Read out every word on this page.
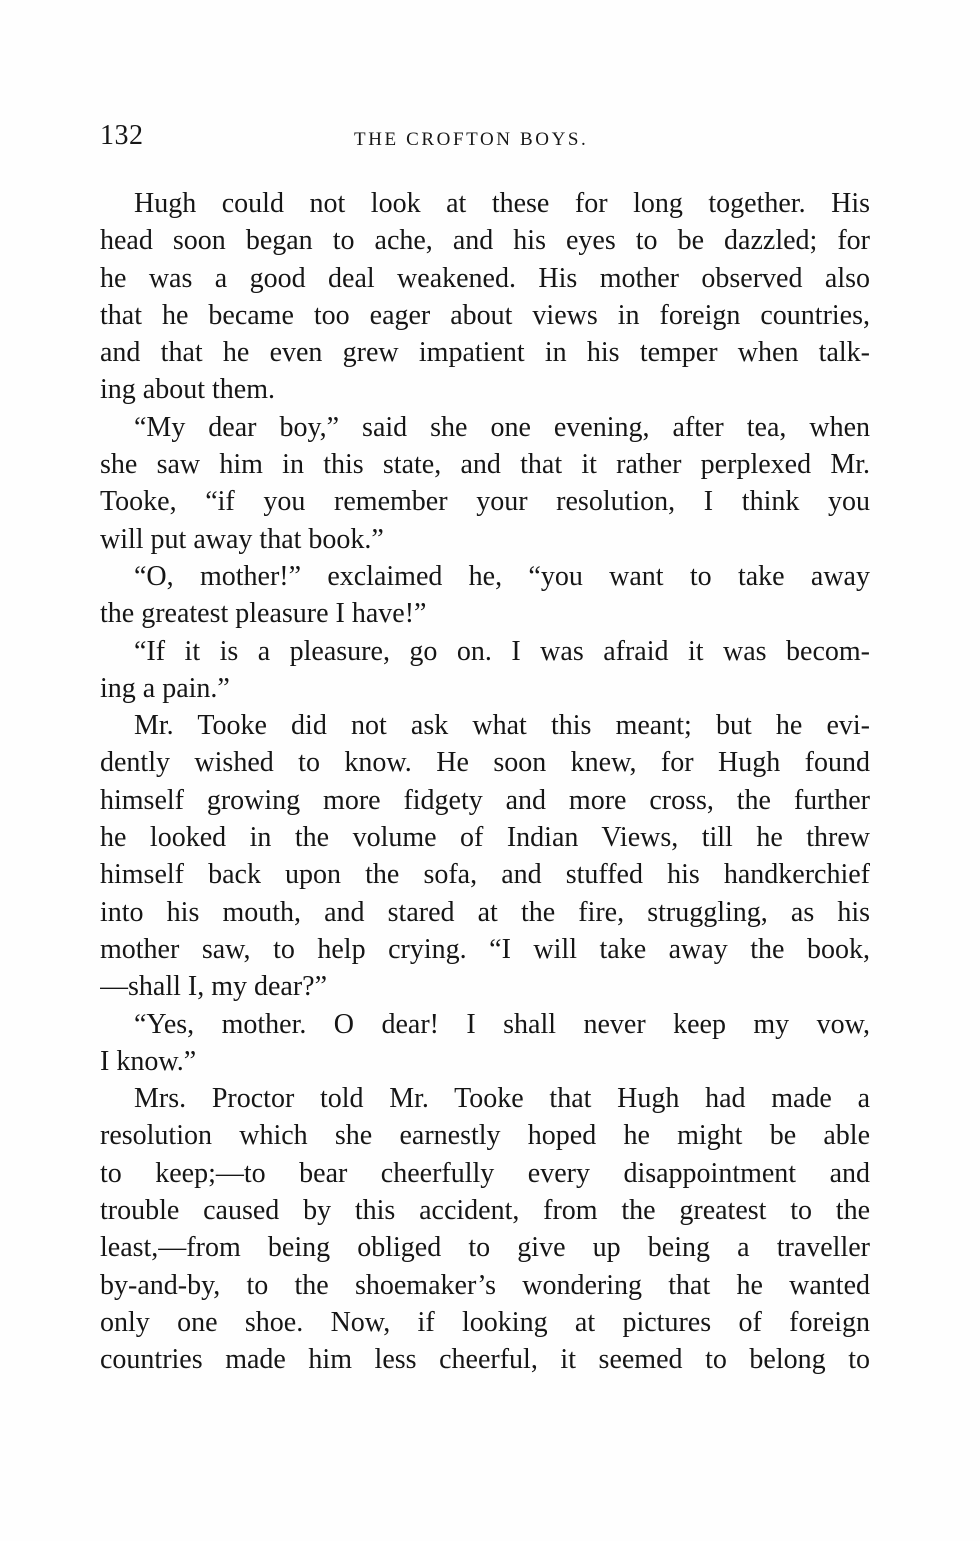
132	THE CROFTON BOYS.
Hugh could not look at these for long together. His
head soon began to ache, and his eyes to be dazzled; for
he was a good deal weakened. His mother observed also
that he became too eager about views in foreign countries,
and that he even grew impatient in his temper when talk-
ing about them.
“My dear boy,” said she one evening, after tea, when
she saw him in this state, and that it rather perplexed Mr.
Tooke, “if you remember your resolution, I think you
will put away that book.”
“O, mother!” exclaimed he, “you want to take away
the greatest pleasure I have!”
“If it is a pleasure, go on. I was afraid it was becom-
ing a pain.”
Mr. Tooke did not ask what this meant; but he evi-
dently wished to know. He soon knew, for Hugh found
himself growing more fidgety and more cross, the further
he looked in the volume of Indian Views, till he threw
himself back upon the sofa, and stuffed his handkerchief
into his mouth, and stared at the fire, struggling, as his
mother saw, to help crying. “I will take away the book,
—shall I, my dear?”
“Yes, mother. O dear! I shall never keep my vow,
I know.”
Mrs. Proctor told Mr. Tooke that Hugh had made a
resolution which she earnestly hoped he might be able
to keep;—to bear cheerfully every disappointment and
trouble caused by this accident, from the greatest to the
least,—from being obliged to give up being a traveller
by-and-by, to the shoemaker’s wondering that he wanted
only one shoe. Now, if looking at pictures of foreign
countries made him less cheerful, it seemed to belong to
